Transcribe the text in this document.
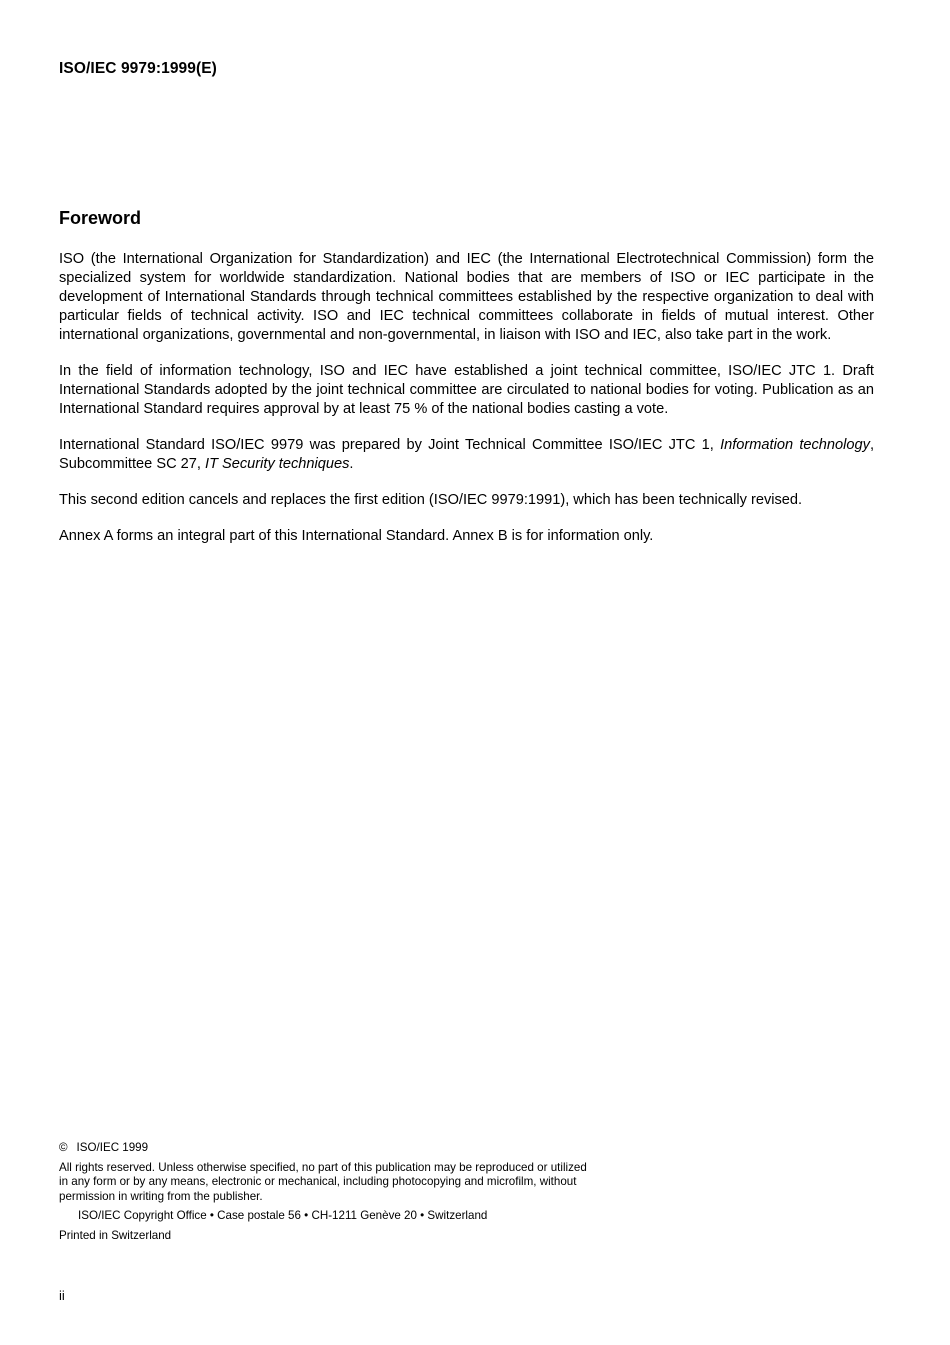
ISO/IEC 9979:1999(E)
Foreword

ISO (the International Organization for Standardization) and IEC (the International Electrotechnical Commission) form the specialized system for worldwide standardization. National bodies that are members of ISO or IEC participate in the development of International Standards through technical committees established by the respective organization to deal with particular fields of technical activity. ISO and IEC technical committees collaborate in fields of mutual interest. Other international organizations, governmental and non-governmental, in liaison with ISO and IEC, also take part in the work.

In the field of information technology, ISO and IEC have established a joint technical committee, ISO/IEC JTC 1. Draft International Standards adopted by the joint technical committee are circulated to national bodies for voting. Publication as an International Standard requires approval by at least 75 % of the national bodies casting a vote.

International Standard ISO/IEC 9979 was prepared by Joint Technical Committee ISO/IEC JTC 1, Information technology, Subcommittee SC 27, IT Security techniques.

This second edition cancels and replaces the first edition (ISO/IEC 9979:1991), which has been technically revised.

Annex A forms an integral part of this International Standard. Annex B is for information only.

© ISO/IEC 1999
All rights reserved. Unless otherwise specified, no part of this publication may be reproduced or utilized in any form or by any means, electronic or mechanical, including photocopying and microfilm, without permission in writing from the publisher.
ISO/IEC Copyright Office • Case postale 56 • CH-1211 Genève 20 • Switzerland
Printed in Switzerland
ii
